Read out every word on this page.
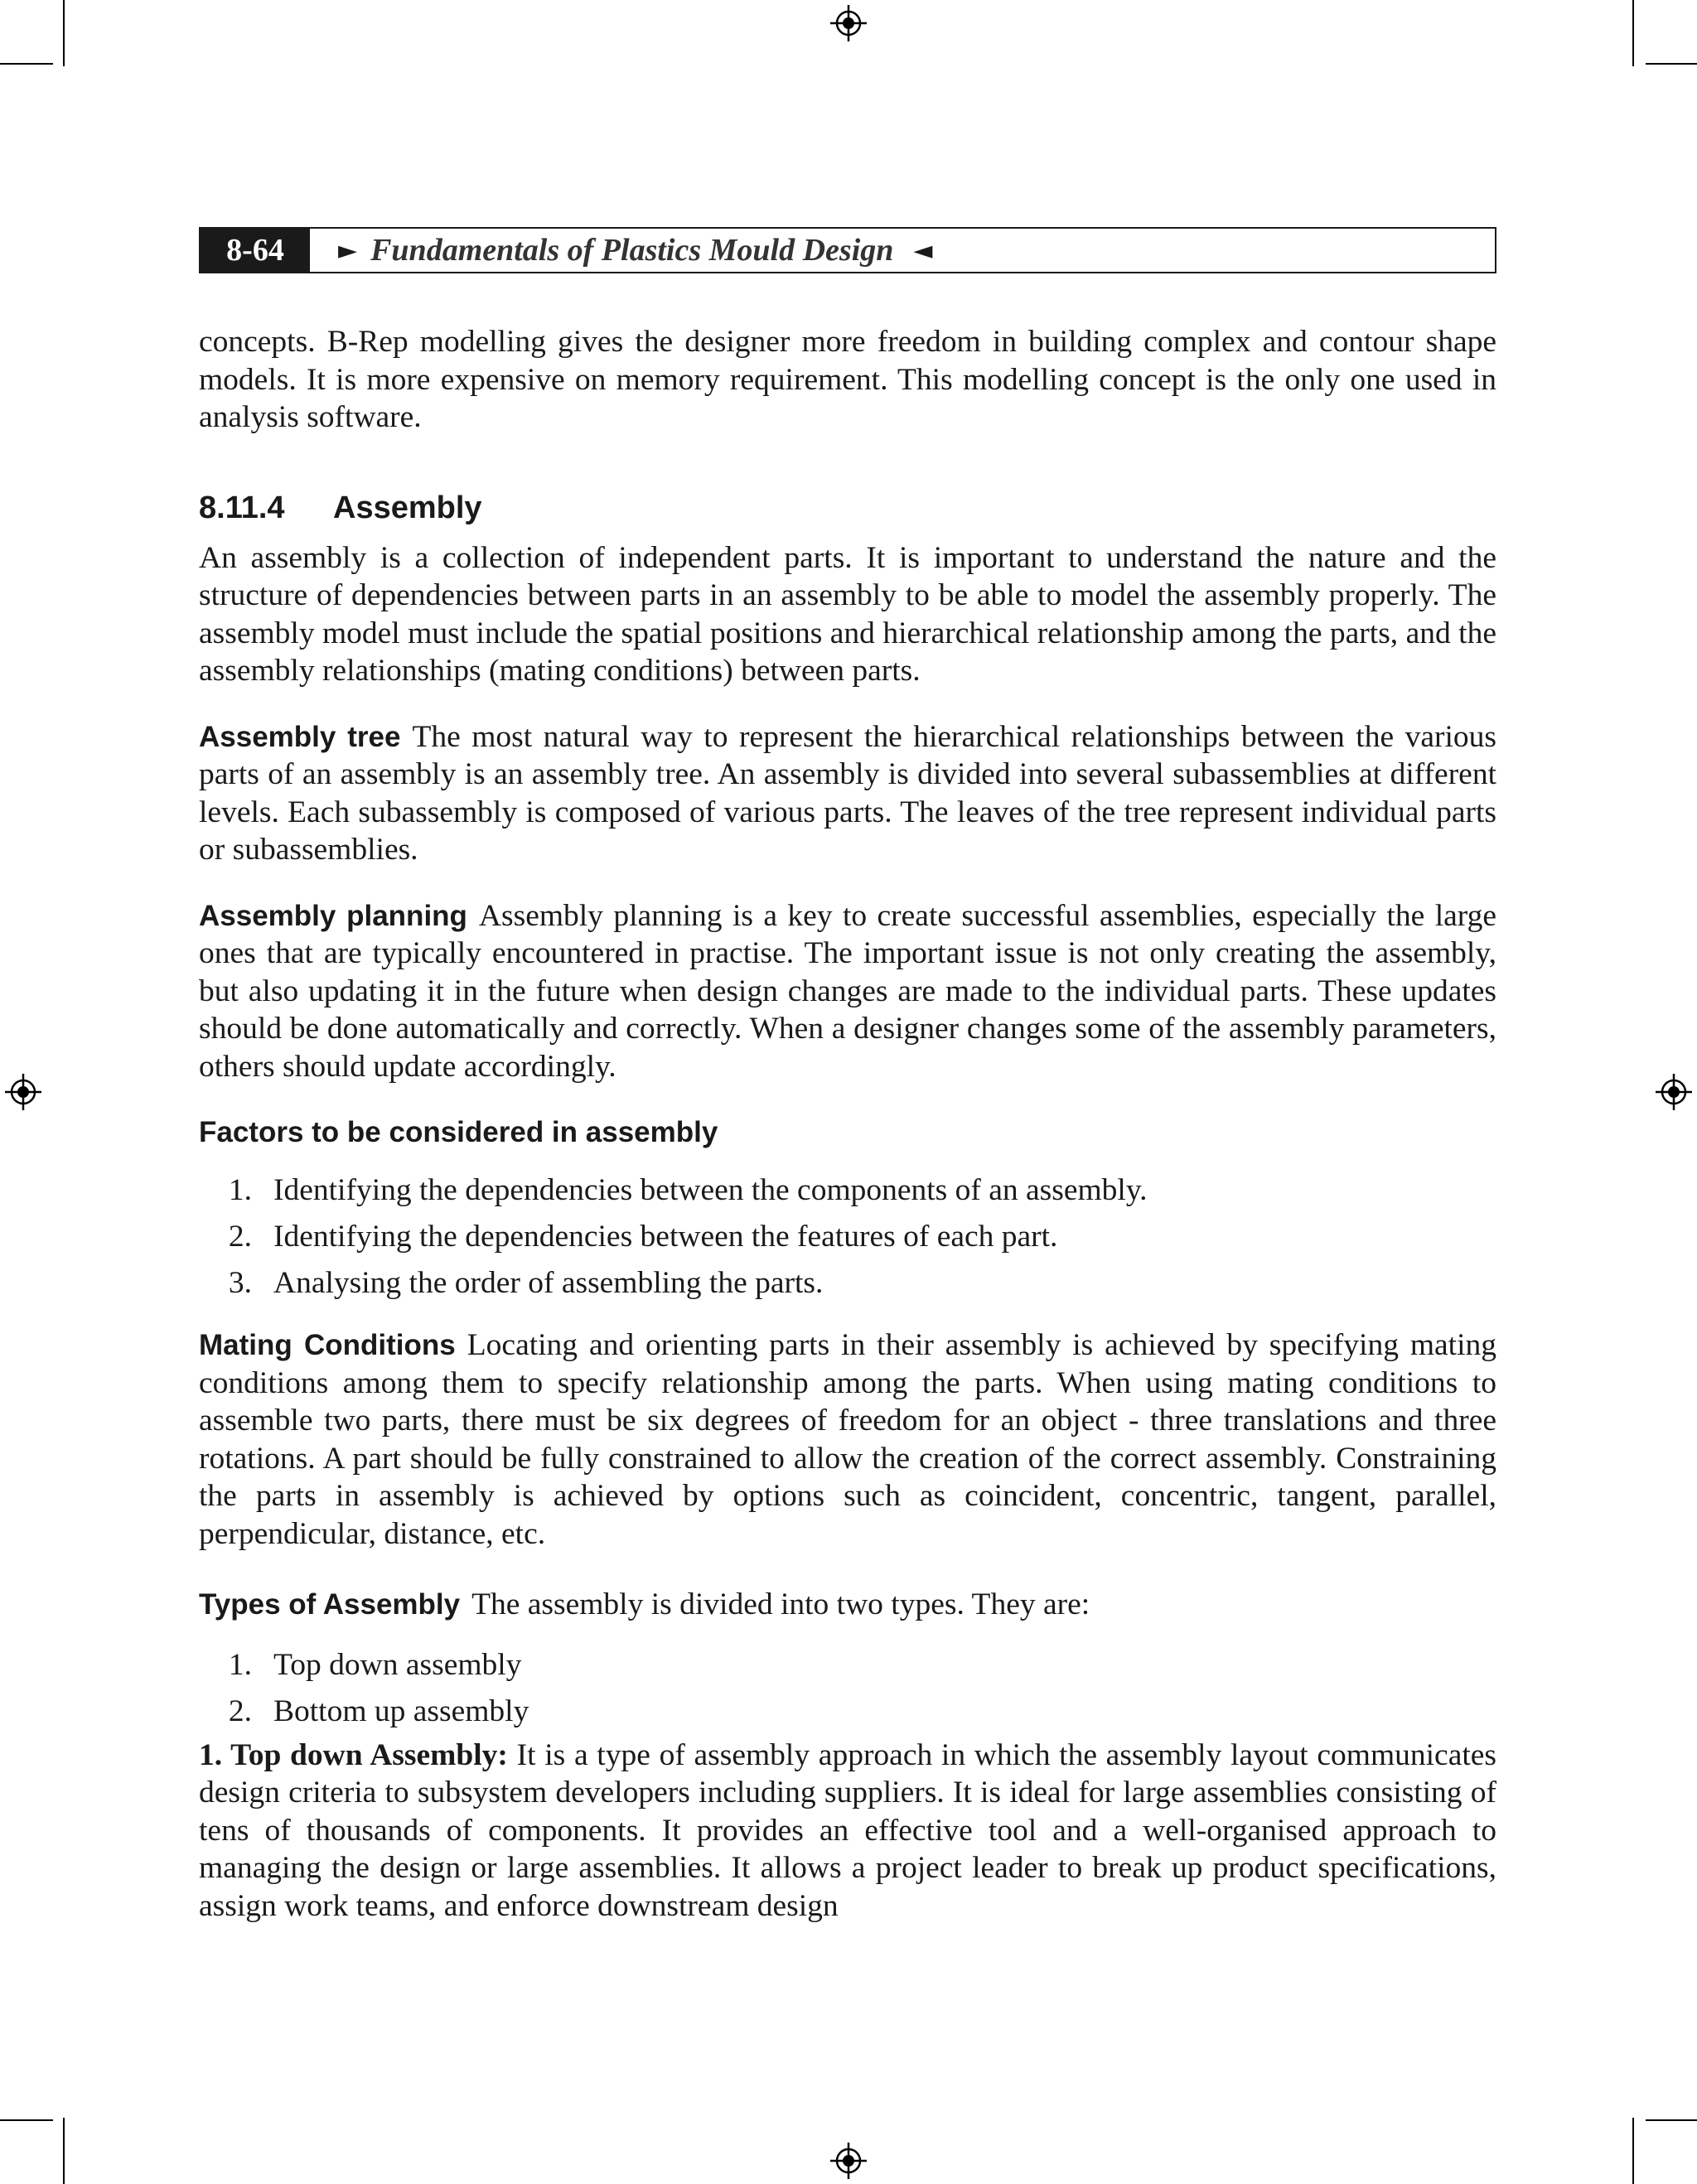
8-64	► Fundamentals of Plastics Mould Design ◄

concepts. B-Rep modelling gives the designer more freedom in building complex and contour shape models. It is more expensive on memory requirement. This modelling concept is the only one used in analysis software.

8.11.4 Assembly

An assembly is a collection of independent parts. It is important to understand the nature and the structure of dependencies between parts in an assembly to be able to model the assembly properly. The assembly model must include the spatial positions and hierarchical relationship among the parts, and the assembly relationships (mating conditions) between parts.

Assembly tree The most natural way to represent the hierarchical relationships between the various parts of an assembly is an assembly tree. An assembly is divided into several subassemblies at different levels. Each subassembly is composed of various parts. The leaves of the tree represent individual parts or subassemblies.

Assembly planning Assembly planning is a key to create successful assemblies, especially the large ones that are typically encountered in practise. The important issue is not only creating the assembly, but also updating it in the future when design changes are made to the individual parts. These updates should be done automatically and correctly. When a designer changes some of the assembly parameters, others should update accordingly.

Factors to be considered in assembly
1. Identifying the dependencies between the components of an assembly.
2. Identifying the dependencies between the features of each part.
3. Analysing the order of assembling the parts.

Mating Conditions Locating and orienting parts in their assembly is achieved by specifying mating conditions among them to specify relationship among the parts. When using mating conditions to assemble two parts, there must be six degrees of freedom for an object - three translations and three rotations. A part should be fully constrained to allow the creation of the correct assembly. Constraining the parts in assembly is achieved by options such as coincident, concentric, tangent, parallel, perpendicular, distance, etc.

Types of Assembly The assembly is divided into two types. They are:

1. Top down assembly
2. Bottom up assembly

1. Top down Assembly: It is a type of assembly approach in which the assembly layout communicates design criteria to subsystem developers including suppliers. It is ideal for large assemblies consisting of tens of thousands of components. It provides an effective tool and a well-organised approach to managing the design or large assemblies. It allows a project leader to break up product specifications, assign work teams, and enforce downstream design
